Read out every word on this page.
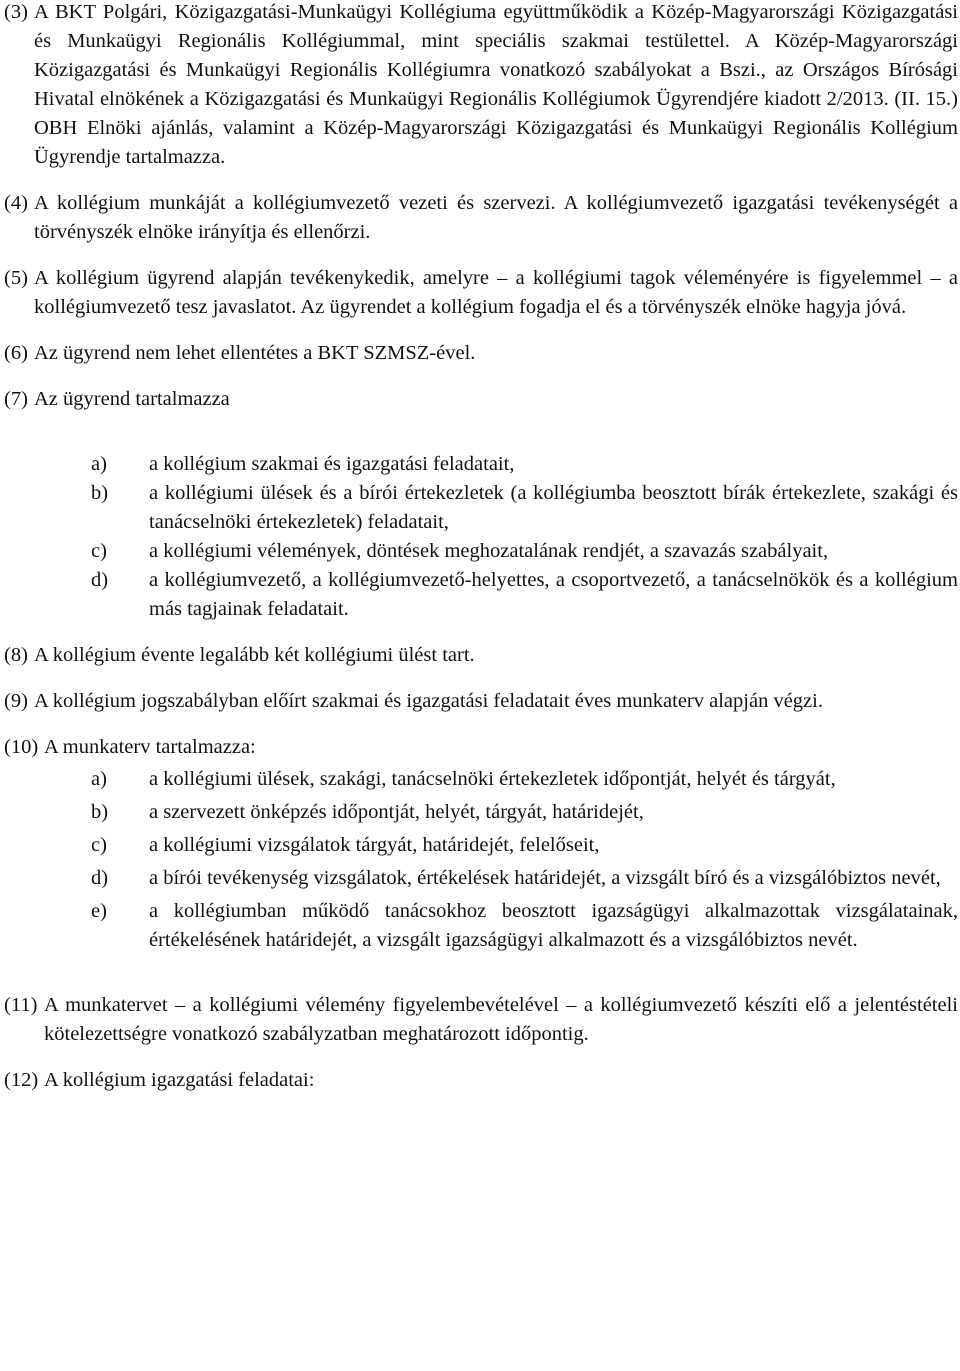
(3) A BKT Polgári, Közigazgatási-Munkaügyi Kollégiuma együttműködik a Közép-Magyarországi Közigazgatási és Munkaügyi Regionális Kollégiummal, mint speciális szakmai testülettel. A Közép-Magyarországi Közigazgatási és Munkaügyi Regionális Kollégiumra vonatkozó szabályokat a Bszi., az Országos Bírósági Hivatal elnökének a Közigazgatási és Munkaügyi Regionális Kollégiumok Ügyrendjére kiadott 2/2013. (II. 15.) OBH Elnöki ajánlás, valamint a Közép-Magyarországi Közigazgatási és Munkaügyi Regionális Kollégium Ügyrendje tartalmazza.

(4) A kollégium munkáját a kollégiumvezető vezeti és szervezi. A kollégiumvezető igazgatási tevékenységét a törvényszék elnöke irányítja és ellenőrzi.

(5) A kollégium ügyrend alapján tevékenykedik, amelyre – a kollégiumi tagok véleményére is figyelemmel – a kollégiumvezető tesz javaslatot. Az ügyrendet a kollégium fogadja el és a törvényszék elnöke hagyja jóvá.

(6) Az ügyrend nem lehet ellentétes a BKT SZMSZ-ével.

(7) Az ügyrend tartalmazza

a) a kollégium szakmai és igazgatási feladatait,

b) a kollégiumi ülések és a bírói értekezletek (a kollégiumba beosztott bírák értekezlete, szakági és tanácselnöki értekezletek) feladatait,

c) a kollégiumi vélemények, döntések meghozatalának rendjét, a szavazás szabályait,

d) a kollégiumvezető, a kollégiumvezető-helyettes, a csoportvezető, a tanácselnökök és a kollégium más tagjainak feladatait.

(8) A kollégium évente legalább két kollégiumi ülést tart.

(9) A kollégium jogszabályban előírt szakmai és igazgatási feladatait éves munkaterv alapján végzi.

(10) A munkaterv tartalmazza:

a) a kollégiumi ülések, szakági, tanácselnöki értekezletek időpontját, helyét és tárgyát,

b) a szervezett önképzés időpontját, helyét, tárgyát, határidejét,

c) a kollégiumi vizsgálatok tárgyát, határidejét, felelőseit,

d) a bírói tevékenység vizsgálatok, értékelések határidejét, a vizsgált bíró és a vizsgálóbiztos nevét,

e) a kollégiumban működő tanácsokhoz beosztott igazságügyi alkalmazottak vizsgálatainak, értékelésének határidejét, a vizsgált igazságügyi alkalmazott és a vizsgálóbiztos nevét.

(11) A munkatervet – a kollégiumi vélemény figyelembevételével – a kollégiumvezető készíti elő a jelentéstételi kötelezettségre vonatkozó szabályzatban meghatározott időpontig.

(12) A kollégium igazgatási feladatai:
